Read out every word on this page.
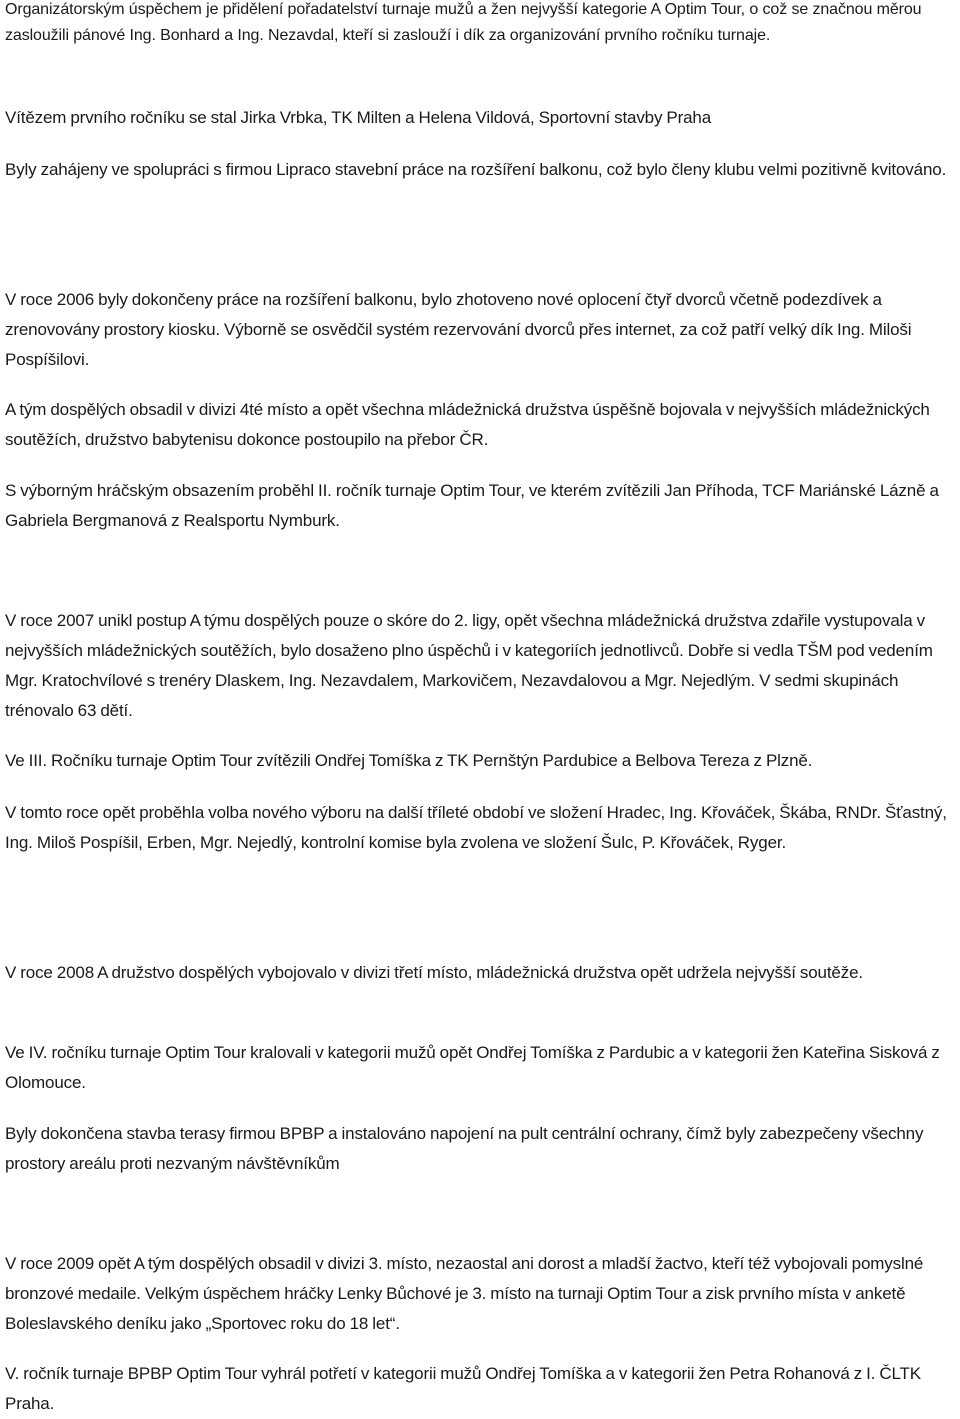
Organizátorským úspěchem je přidělení pořadatelství turnaje mužů a žen nejvyšší kategorie A Optim Tour, o což se značnou měrou zasloužili pánové Ing. Bonhard a Ing. Nezavdal, kteří si zaslouží i dík za organizování prvního ročníku turnaje.

Vítězem prvního ročníku se stal Jirka Vrbka, TK Milten a Helena Vildová, Sportovní stavby Praha

Byly zahájeny ve spolupráci s firmou Lipraco stavební práce na rozšíření balkonu, což bylo členy klubu velmi pozitivně kvitováno.

V roce 2006 byly dokončeny práce na rozšíření balkonu, bylo zhotoveno nové oplocení čtyř dvorců včetně podezdívek a zrenovovány prostory kiosku. Výborně se osvědčil systém rezervování dvorců přes internet, za což patří velký dík Ing. Miloši Pospíšilovi.

A tým dospělých obsadil v divizi 4té místo a opět všechna mládežnická družstva úspěšně bojovala v nejvyšších mládežnických soutěžích, družstvo babytenisu dokonce postoupilo na přebor ČR.

S výborným hráčským obsazením proběhl II. ročník turnaje Optim Tour, ve kterém zvítězili Jan Příhoda, TCF Mariánské Lázně a Gabriela Bergmanová z Realsportu Nymburk.

V roce 2007 unikl postup A týmu dospělých pouze o skóre do 2. ligy, opět všechna mládežnická družstva zdařile vystupovala v nejvyšších mládežnických soutěžích, bylo dosaženo plno úspěchů i v kategoriích jednotlivců. Dobře si vedla TŠM pod vedením Mgr. Kratochvílové s trenéry Dlaskem, Ing. Nezavdalem, Markovičem, Nezavdalovou a Mgr. Nejedlým. V sedmi skupinách trénovalo 63 dětí.

Ve III. Ročníku turnaje Optim Tour zvítězili Ondřej Tomíška z TK Pernštýn Pardubice a Belbova Tereza z Plzně.

V tomto roce opět proběhla volba nového výboru na další tříleté období ve složení Hradec, Ing. Křováček, Škába, RNDr. Šťastný, Ing. Miloš Pospíšil, Erben, Mgr. Nejedlý, kontrolní komise byla zvolena ve složení Šulc, P. Křováček, Ryger.

V roce 2008 A družstvo dospělých vybojovalo v divizi třetí místo, mládežnická družstva opět udržela nejvyšší soutěže.

Ve IV. ročníku turnaje Optim Tour kralovali v kategorii mužů opět Ondřej Tomíška z Pardubic a v kategorii žen Kateřina Sisková z Olomouce.

Byly dokončena stavba terasy firmou BPBP a instalováno napojení na pult centrální ochrany, čímž byly zabezpečeny všechny prostory areálu proti nezvaným návštěvníkům

V roce 2009 opět A tým dospělých obsadil v divizi 3. místo, nezaostal ani dorost a mladší žactvo, kteří též vybojovali pomyslné bronzové medaile. Velkým úspěchem hráčky Lenky Bůchové je 3. místo na turnaji Optim Tour a zisk prvního místa v anketě Boleslavského deníku jako „Sportovec roku do 18 let“.

V. ročník turnaje BPBP Optim Tour vyhrál potřetí v kategorii mužů Ondřej Tomíška a v kategorii žen Petra Rohanová z I. ČLTK Praha.
